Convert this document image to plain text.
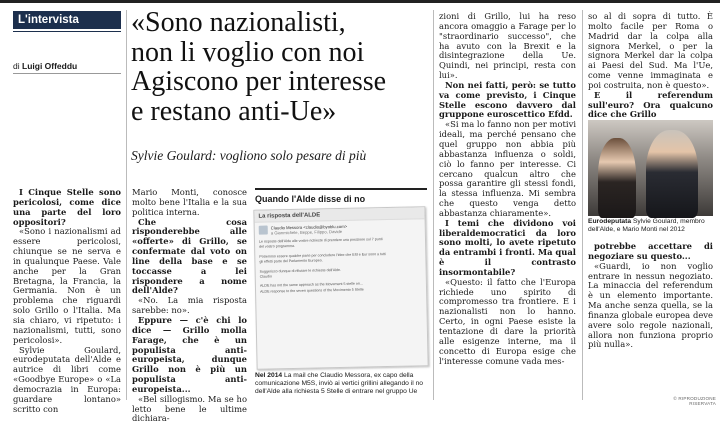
L'intervista
di Luigi Offeddu
«Sono nazionalisti,
non li voglio con noi
Agiscono per interesse
e restano anti-Ue»
Sylvie Goulard: vogliono solo pesare di più

I Cinque Stelle sono pericolosi, come dice una parte del loro oppositori?

«Sono i nazionalismi ad essere pericolosi, chiunque se ne serva e in qualunque Paese. Vale anche per la Gran Bretagna, la Francia, la Germania. Non è un problema che riguardi solo Grillo o l'Italia. Ma sia chiaro, vi ripetuto: i nazionalismi, tutti, sono pericolosi».

Sylvie Goulard, eurodeputata dell'Alde e autrice di libri come «Goodbye Europe» o «La democrazia in Europa: guardare lontano» scritto con

Mario Monti, conosce molto bene l'Italia e la sua politica interna.

Che cosa risponderebbe alle «offerte» di Grillo, se confermate dal voto on line della base e se toccasse a lei rispondere a nome dell'Alde?

«No. La mia risposta sarebbe: no».

Eppure — c'è chi lo dice — Grillo molla Farage, che è un populista anti-europeista, dunque Grillo non è più un populista anti-europeista...

«Bel sillogismo. Ma se ho letto bene le ultime dichiara-

zioni di Grillo, lui ha reso ancora omaggio a Farage per lo "straordinario successo", che ha avuto con la Brexit e la disintegrazione della Ue. Quindi, nei principi, resta con lui».

Non nei fatti, però: se tutto va come previsto, i Cinque Stelle escono davvero dal gruppone euroscettico Efdd.

«Si ma lo fanno non per motivi ideali, ma perché pensano che quel gruppo non abbia più abbastanza influenza o soldi, ciò lo fanno per interesse. Ci cercano qualcun altro che possa garantire gli stessi fondi, la stessa influenza. Mi sembra che questo venga detto abbastanza chiaramente».

I temi che dividono voi liberaldemocratici da loro sono molti, lo avete ripetuto da entrambi i fronti. Ma qual è il contrasto insormontabile?

«Questo: il fatto che l'Europa richiede uno spirito di compromesso tra frontiere. E i nazionalisti non lo hanno. Certo, in ogni Paese esiste la tentazione di dare la priorità alle esigenze interne, ma il concetto di Europa esige che l'interesse comune vada mes-

so al di sopra di tutto. È molto facile per Roma o Madrid dar la colpa alla signora Merkel, o per la signora Merkel dar la colpa ai Paesi del Sud. Ma l'Ue, come venne immaginata e poi costruita, non è questo».

E il referendum sull'euro? Ora qualcuno dice che Grillo

potrebbe accettare di negoziare su questo...

«Guardi, io non voglio entrare in nessun negoziato. La minaccia del referendum è un elemento importante. Ma anche senza quella, se la finanza globale europea deve avere solo regole nazionali, allora non funziona proprio più nulla».

Quando l'Alde disse di no
La risposta dell'ALDE
Claudio Messora <claudio@byoblu.com>
a Gianmichele, Beppe, Filippo, Davide
Le risposte dell'Alde alle vostre richieste di prendere una posizione sul 7 punti
del vostro programma.
Potremmo essere qualche parte per concludere l'idee che Efd e Eur sono a tutti
gli effetti parte del Parlamento Europeo.
Suggerisco dunque di rifiutare le richieste dell'Alde.
Claudio
ALDE has not the same approach as the Movement 5 stelle on...
ALDE response to the seven questions of the Movimento 5 Stelle
Nel 2014 La mail che Claudio Messora, ex capo della comunicazione M5S, inviò ai vertici grillini allegando il no dell'Alde alla richiesta 5 Stelle di entrare nel gruppo Ue
Eurodeputata Sylvie Goulard, membro dell'Alde, e Mario Monti nel 2012
© RIPRODUZIONE RISERVATA
